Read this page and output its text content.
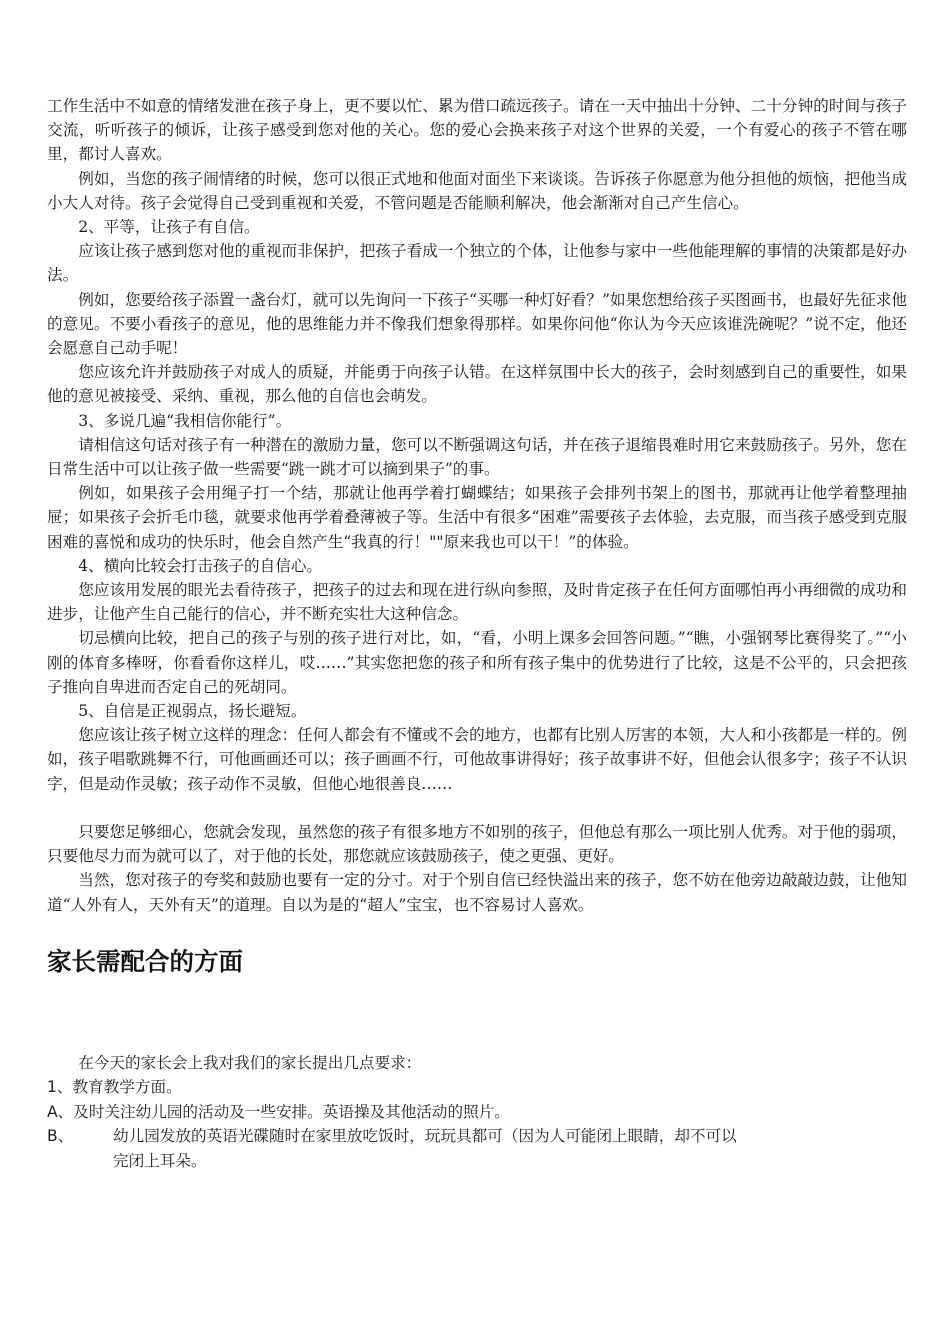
工作生活中不如意的情绪发泄在孩子身上，更不要以忙、累为借口疏远孩子。请在一天中抽出十分钟、二十分钟的时间与孩子交流，听听孩子的倾诉，让孩子感受到您对他的关心。您的爱心会换来孩子对这个世界的关爱，一个有爱心的孩子不管在哪里，都讨人喜欢。

例如，当您的孩子闹情绪的时候，您可以很正式地和他面对面坐下来谈谈。告诉孩子你愿意为他分担他的烦恼，把他当成小大人对待。孩子会觉得自己受到重视和关爱，不管问题是否能顺利解决，他会渐渐对自己产生信心。

2、平等，让孩子有自信。

应该让孩子感到您对他的重视而非保护，把孩子看成一个独立的个体，让他参与家中一些他能理解的事情的决策都是好办法。

例如，您要给孩子添置一盏台灯，就可以先询问一下孩子“买哪一种灯好看？”如果您想给孩子买图画书，也最好先征求他的意见。不要小看孩子的意见，他的思维能力并不像我们想象得那样。如果你问他“你认为今天应该谁洗碗呢？”说不定，他还会愿意自己动手呢！

您应该允许并鼓励孩子对成人的质疑，并能勇于向孩子认错。在这样氛围中长大的孩子，会时刻感到自己的重要性，如果他的意见被接受、采纳、重视，那么他的自信也会萌发。

3、多说几遍“我相信你能行”。

请相信这句话对孩子有一种潜在的激励力量，您可以不断强调这句话，并在孩子退缩畏难时用它来鼓励孩子。另外，您在日常生活中可以让孩子做一些需要“跳一跳才可以摘到果子”的事。

例如，如果孩子会用绳子打一个结，那就让他再学着打蝴蝶结；如果孩子会排列书架上的图书，那就再让他学着整理抽屉；如果孩子会折毛巾毯，就要求他再学着叠薄被子等。生活中有很多“困难”需要孩子去体验，去克服，而当孩子感受到克服困难的喜悦和成功的快乐时，他会自然产生“我真的行！""原来我也可以干！”的体验。

4、横向比较会打击孩子的自信心。

您应该用发展的眼光去看待孩子，把孩子的过去和现在进行纵向参照，及时肯定孩子在任何方面哪怕再小再细微的成功和进步，让他产生自己能行的信心，并不断充实壮大这种信念。

切忌横向比较，把自己的孩子与别的孩子进行对比，如，“看，小明上课多会回答问题。”“瞧，小强钢琴比赛得奖了。”“小刚的体育多棒呀，你看看你这样儿，哎……”其实您把您的孩子和所有孩子集中的优势进行了比较，这是不公平的，只会把孩子推向自卑进而否定自己的死胡同。

5、自信是正视弱点，扬长避短。

您应该让孩子树立这样的理念：任何人都会有不懂或不会的地方，也都有比别人厉害的本领，大人和小孩都是一样的。例如，孩子唱歌跳舞不行，可他画画还可以；孩子画画不行，可他故事讲得好；孩子故事讲不好，但他会认很多字；孩子不认识字，但是动作灵敏；孩子动作不灵敏，但他心地很善良……

只要您足够细心，您就会发现，虽然您的孩子有很多地方不如别的孩子，但他总有那么一项比别人优秀。对于他的弱项，只要他尽力而为就可以了，对于他的长处，那您就应该鼓励孩子，使之更强、更好。

当然，您对孩子的夸奖和鼓励也要有一定的分寸。对于个别自信已经快溢出来的孩子，您不妨在他旁边敲敲边鼓，让他知道“人外有人，天外有天”的道理。自以为是的“超人”宝宝，也不容易讨人喜欢。

家长需配合的方面

在今天的家长会上我对我们的家长提出几点要求：

1、教育教学方面。

A、及时关注幼儿园的活动及一些安排。英语操及其他活动的照片。

B、	幼儿园发放的英语光碟随时在家里放吃饭时，玩玩具都可（因为人可能闭上眼睛，却不可以
完闭上耳朵。
